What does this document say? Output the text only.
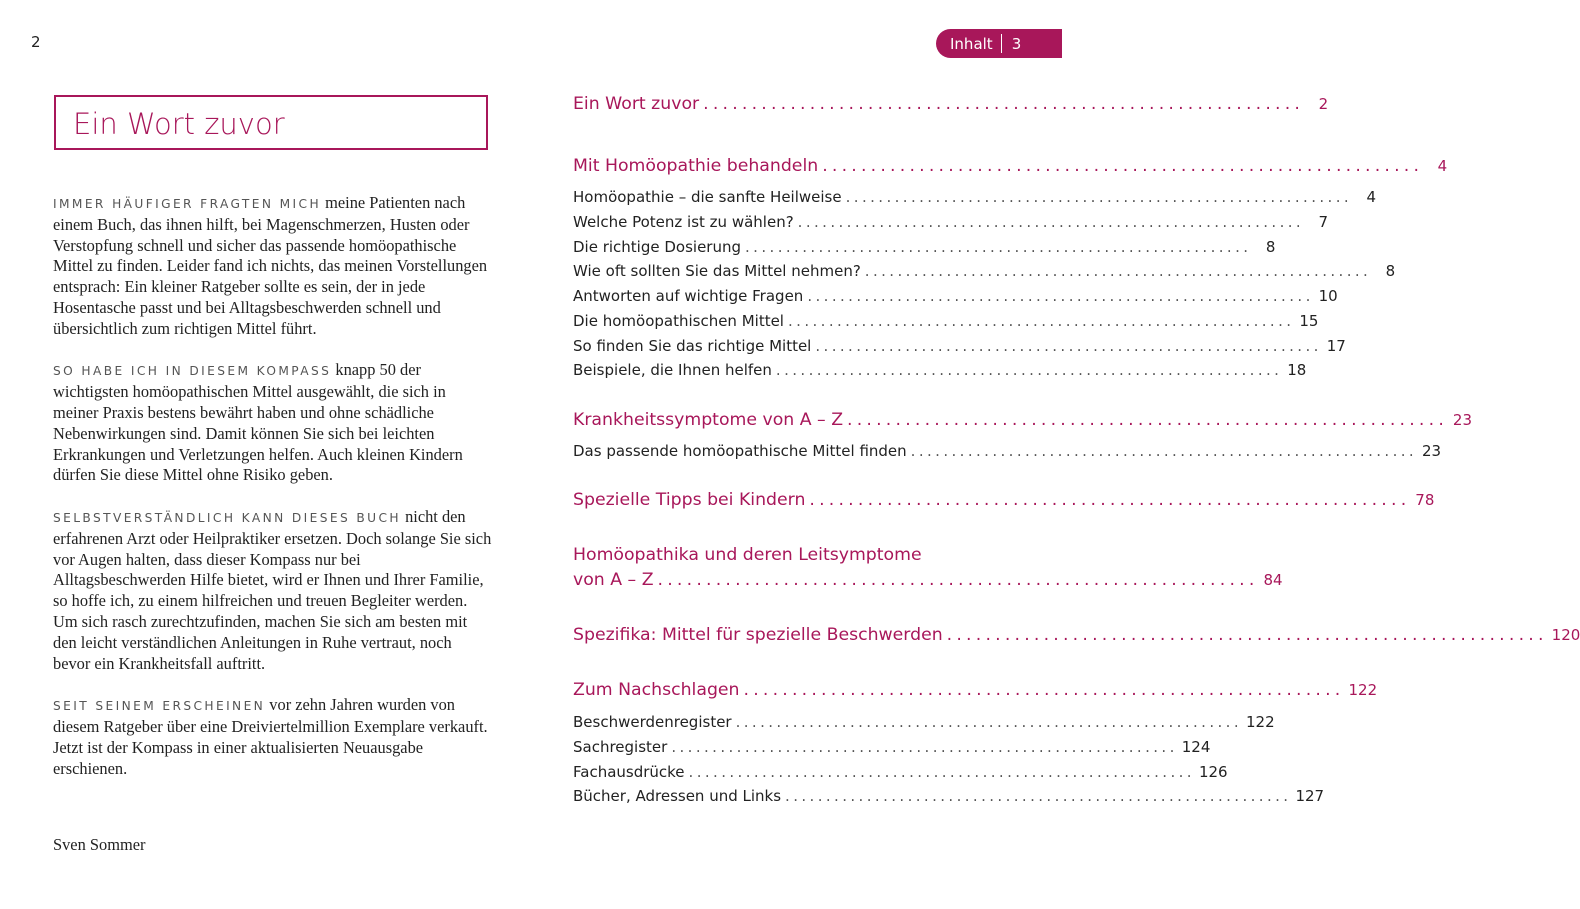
2	Inhalt 3
Ein Wort zuvor

IMMER HÄUFIGER FRAGTEN MICH meine Patienten nach einem Buch, das ihnen hilft, bei Magenschmerzen, Husten oder Verstopfung schnell und sicher das passende homöopathische Mittel zu finden. Leider fand ich nichts, das meinen Vorstellungen entsprach: Ein kleiner Ratgeber sollte es sein, der in jede Hosentasche passt und bei Alltagsbeschwerden schnell und übersichtlich zum richtigen Mittel führt.

SO HABE ICH IN DIESEM KOMPASS knapp 50 der wichtigsten homöopathischen Mittel ausgewählt, die sich in meiner Praxis bestens bewährt haben und ohne schädliche Nebenwirkungen sind. Damit können Sie sich bei leichten Erkrankungen und Verletzungen helfen. Auch kleinen Kindern dürfen Sie diese Mittel ohne Risiko geben.

SELBSTVERSTÄNDLICH KANN DIESES BUCH nicht den erfahrenen Arzt oder Heilpraktiker ersetzen. Doch solange Sie sich vor Augen halten, dass dieser Kompass nur bei Alltagsbeschwerden Hilfe bietet, wird er Ihnen und Ihrer Familie, so hoffe ich, zu einem hilfreichen und treuen Begleiter werden. Um sich rasch zurechtzufinden, machen Sie sich am besten mit den leicht verständlichen Anleitungen in Ruhe vertraut, noch bevor ein Krankheitsfall auftritt.

SEIT SEINEM ERSCHEINEN vor zehn Jahren wurden von diesem Ratgeber über eine Dreiviertelmillion Exemplare verkauft. Jetzt ist der Kompass in einer aktualisierten Neuausgabe erschienen.

Sven Sommer
Ein Wort zuvor .............................................................. 2
Mit Homöopathie behandeln .............................................................. 4
Homöopathie – die sanfte Heilweise .............................................................. 4
Welche Potenz ist zu wählen? .............................................................. 7
Die richtige Dosierung .............................................................. 8
Wie oft sollten Sie das Mittel nehmen? .............................................................. 8
Antworten auf wichtige Fragen .............................................................. 10
Die homöopathischen Mittel .............................................................. 15
So finden Sie das richtige Mittel .............................................................. 17
Beispiele, die Ihnen helfen .............................................................. 18
Krankheitssymptome von A – Z .............................................................. 23
Das passende homöopathische Mittel finden .............................................................. 23
Spezielle Tipps bei Kindern .............................................................. 78
Homöopathika und deren Leitsymptome
von A – Z .............................................................. 84
Spezifika: Mittel für spezielle Beschwerden .............................................................. 120
Zum Nachschlagen .............................................................. 122
Beschwerdenregister .............................................................. 122
Sachregister .............................................................. 124
Fachausdrücke .............................................................. 126
Bücher, Adressen und Links .............................................................. 127
